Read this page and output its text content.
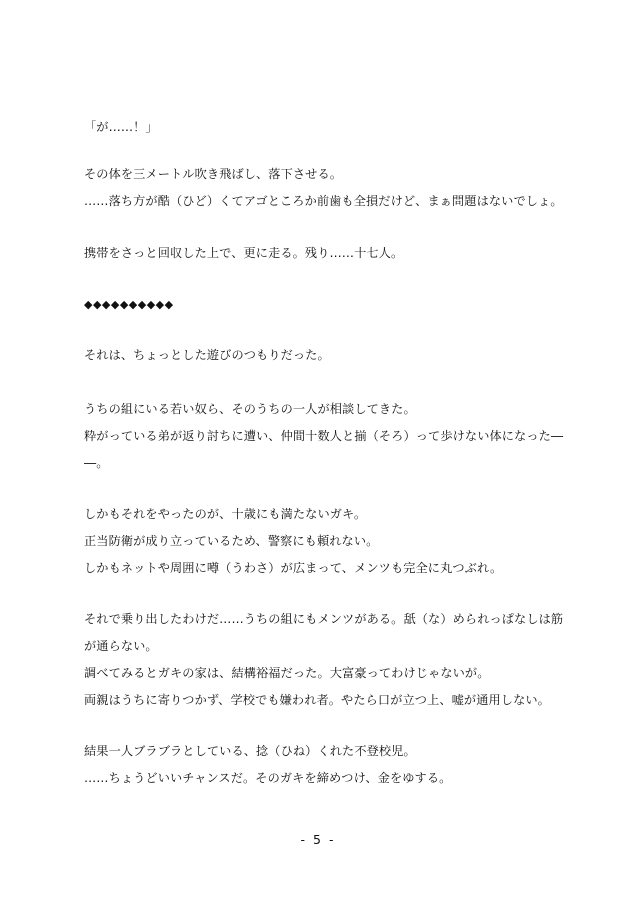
「が……！」
その体を三メートル吹き飛ばし、落下させる。
……落ち方が酷（ひど）くてアゴところか前歯も全損だけど、まぁ問題はないでしょ。
携帯をさっと回収した上で、更に走る。残り……十七人。
◆◆◆◆◆◆◆◆◆◆
それは、ちょっとした遊びのつもりだった。
うちの組にいる若い奴ら、そのうちの一人が相談してきた。
粋がっている弟が返り討ちに遭い、仲間十数人と揃（そろ）って歩けない体になった―
―。
しかもそれをやったのが、十歳にも満たないガキ。
正当防衛が成り立っているため、警察にも頼れない。
しかもネットや周囲に噂（うわさ）が広まって、メンツも完全に丸つぶれ。
それで乗り出したわけだ……うちの組にもメンツがある。舐（な）められっぱなしは筋
が通らない。
調べてみるとガキの家は、結構裕福だった。大富豪ってわけじゃないが。
両親はうちに寄りつかず、学校でも嫌われ者。やたら口が立つ上、嘘が通用しない。
結果一人ブラブラとしている、捻（ひね）くれた不登校児。
……ちょうどいいチャンスだ。そのガキを締めつけ、金をゆする。
- 5 -
